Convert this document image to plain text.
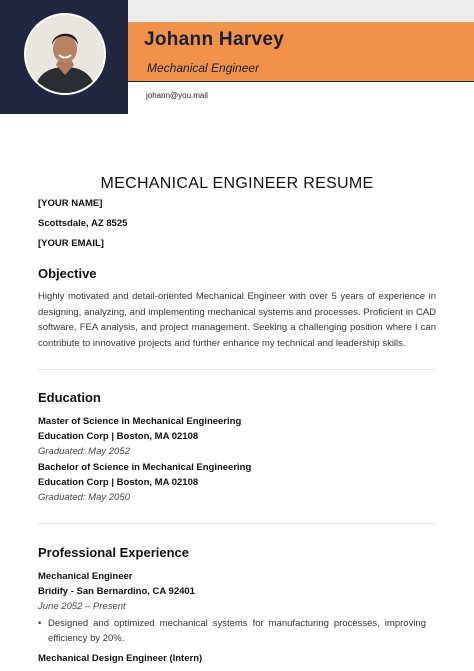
Johann Harvey
Mechanical Engineer
johann@you.mail
MECHANICAL ENGINEER RESUME
[YOUR NAME]
Scottsdale, AZ 8525
[YOUR EMAIL]
Objective
Highly motivated and detail-oriented Mechanical Engineer with over 5 years of experience in designing, analyzing, and implementing mechanical systems and processes. Proficient in CAD software, FEA analysis, and project management. Seeking a challenging position where I can contribute to innovative projects and further enhance my technical and leadership skills.
Education
Master of Science in Mechanical Engineering
Education Corp | Boston, MA 02108
Graduated: May 2052
Bachelor of Science in Mechanical Engineering
Education Corp | Boston, MA 02108
Graduated: May 2050
Professional Experience
Mechanical Engineer
Bridify - San Bernardino, CA 92401
June 2052 – Present
• Designed and optimized mechanical systems for manufacturing processes, improving efficiency by 20%.
Mechanical Design Engineer (Intern)
